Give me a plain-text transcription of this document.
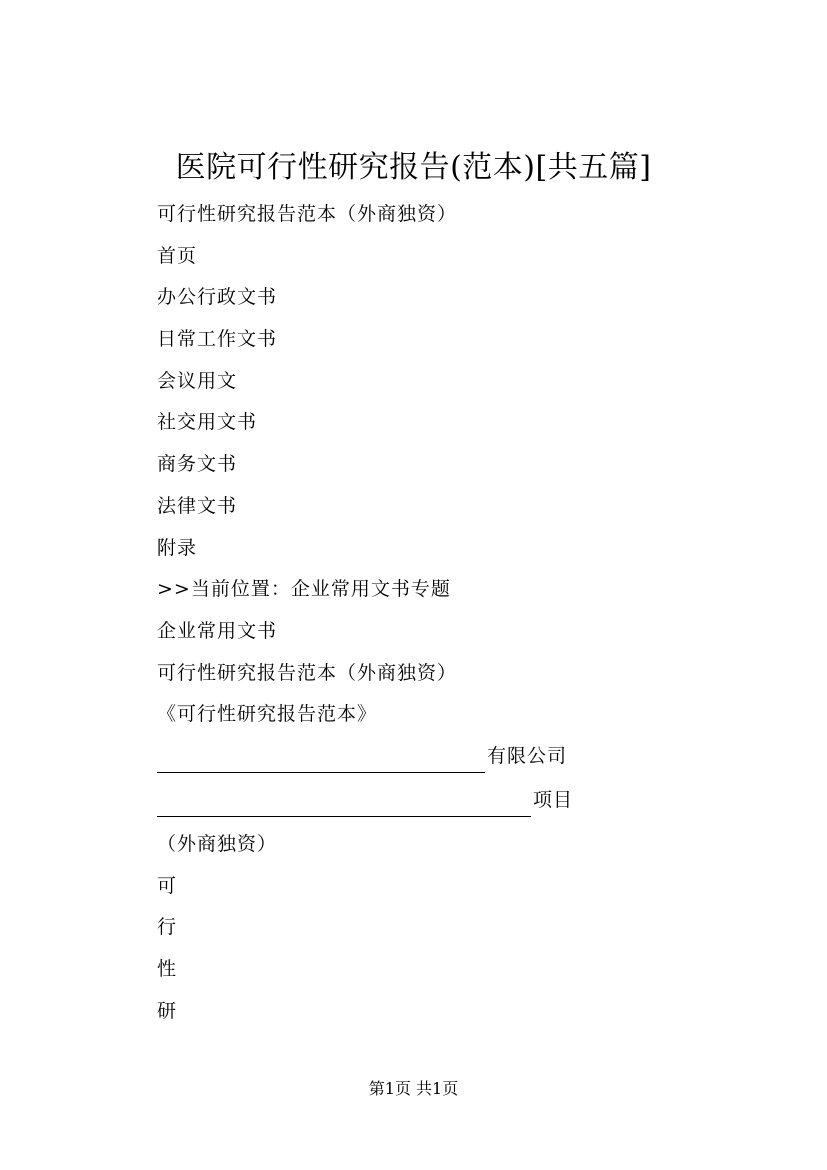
医院可行性研究报告(范本)[共五篇]
可行性研究报告范本（外商独资）
首页
办公行政文书
日常工作文书
会议用文
社交用文书
商务文书
法律文书
附录
>>当前位置：企业常用文书专题
企业常用文书
可行性研究报告范本（外商独资）
《可行性研究报告范本》
有限公司
项目
（外商独资）
可
行
性
研
第1页 共1页
